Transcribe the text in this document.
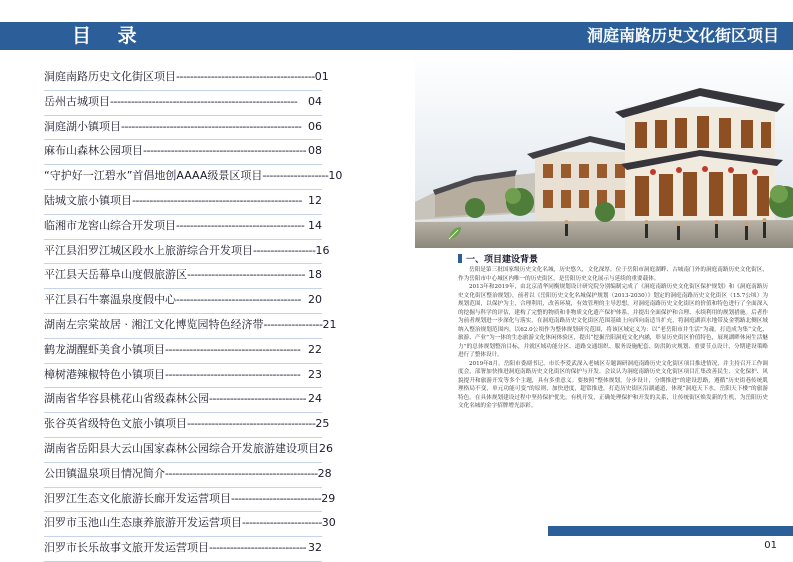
目 录	洞庭南路历史文化街区项目
洞庭南路历史文化街区项目 ---------------------------------------- 01
岳州古城项目 ------------------------------------------------------ 04
洞庭湖小镇项目 ---------------------------------------------------- 06
麻布山森林公园项目 ----------------------------------------------- 08
“守护好一江碧水”首倡地创AAAA级景区项目 ------------------- 10
陆城文旅小镇项目 ------------------------------------------------- 12
临湘市龙窖山综合开发项目 ------------------------------------- 14
平江县汨罗江城区段水上旅游综合开发项目 ------------------ 16
平江县天岳幕阜山度假旅游区 ---------------------------------- 18
平江县石牛寨温泉度假中心 ------------------------------------ 20
湖南左宗棠故居 · 湘江文化博览园特色经济带 ----------------- 21
鹤龙湖醒虾美食小镇项目 --------------------------------------- 22
樟树港辣椒特色小镇项目 --------------------------------------- 23
湖南省华容县桃花山省级森林公园 ---------------------------- 24
张谷英省级特色文旅小镇项目 ------------------------------------- 25
湖南省岳阳县大云山国家森林公园综合开发旅游建设项目 26
公田镇温泉项目情况简介 -------------------------------------------- 28
汨罗江生态文化旅游长廊开发运营项目 -------------------------- 29
汨罗市玉池山生态康养旅游开发运营项目 ----------------------- 30
汨罗市长乐故事文旅开发运营项目 ---------------------------- 32
一、项目建设背景

岳阳是第三批国家级历史文化名城，历史悠久，文化深厚。位于岳阳市洞庭湖畔、古城南门外的洞庭南路历史文化街区，作为岳阳市中心城区内唯一的历史街区，是岳阳历史文化展示与延续的重要载体。

2013年和2019年，由北京清华同衡规划设计研究院分别编制完成了《洞庭南路历史文化街区保护规划》和《洞庭南路历史文化街区整治规划》，前者以《岳阳历史文化名城保护规划（2013-2030）》划定的洞庭南路历史文化街区（15.7公顷）为规划范围，以保护为主，合理利用，改善环境，有效管理的主导思想，对洞庭南路历史文化街区的价值和特色进行了全面深入的挖掘与科学的评估，建构了完整的物质和非物质文化遗产保护体系，并提出全面保护和合理、永续利用的规划措施。后者作为前者规划进一步深化与落实，在洞庭南路历史文化街区范围基础上向西向南适当扩充，将洞庭湖滨水地带及金鹗路北侧区域纳入整治规划范围内，以62.0公顷作为整体规划研究范围，将该区域定义为：以“老岳阳市井生活”为魂，打造成为集“文化、旅游、产业”为一体的生态旅游文化休闲体验区，提出“挖掘岳阳洞庭文化内涵，彰显历史街区价值特色，展现湖畔休闲生活魅力”的总体规划整治目标，并就区域功能分区、道路交通组织、服务设施配套、防洪防灾规划、重要节点设计，分期建设策略进行了整体设计。

2019年8月，岳阳市委副书记、市长李爱武深入老城区专题调研洞庭南路历史文化街区项目推进情况，并主持召开工作调度会，部署加快推进洞庭南路历史文化街区的保护与开发。会议认为洞庭南路历史文化街区项目汇集改善民生、文化保护、风貌提升和旅游开发等多个主题，具有多重意义。要按照“整体规划，分步设计，分期推进”的建设思路，遵循“历史街巷传统肌理格局不变，单元功能可变”的原则，加快进度，超常推进，打造历史街区沿湖通道，体现“洞庭天下水，岳阳天下楼”的旅游特色。在具体规划建设过程中坚持保护优先，有机开发，正确处理保护和开发的关系，让传统街区焕发新的生机，为岳阳历史文化名城的金字招牌增光添彩。

01
